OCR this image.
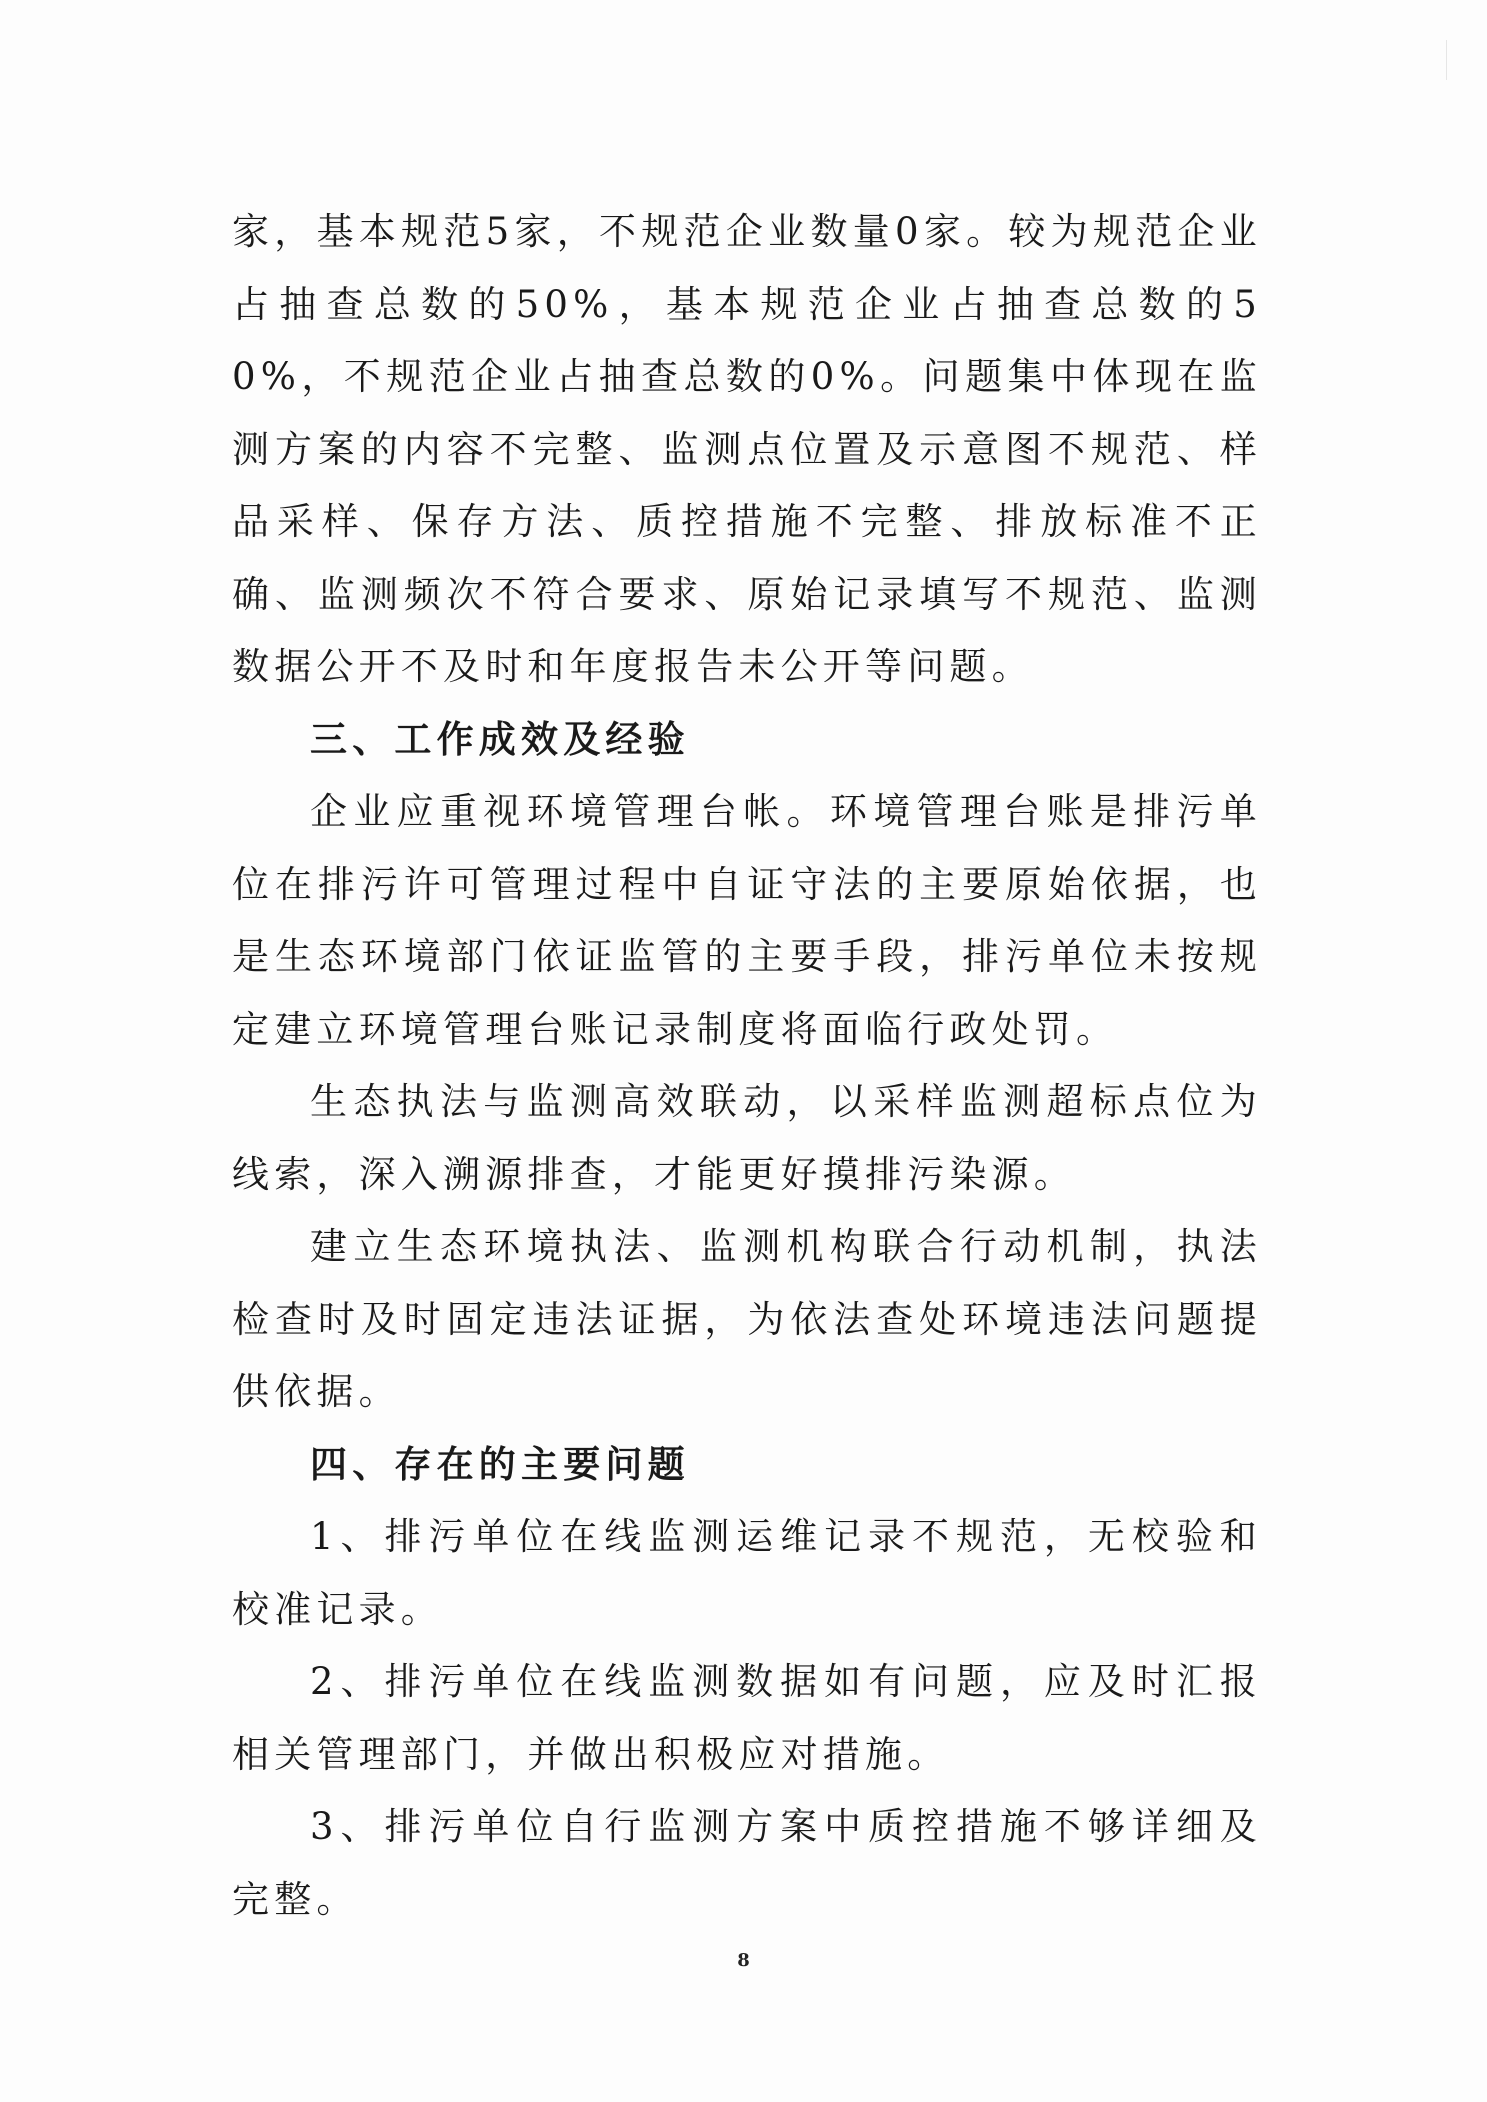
家，基本规范5家，不规范企业数量0家。较为规范企业占抽查总数的50%，基本规范企业占抽查总数的50%，不规范企业占抽查总数的0%。问题集中体现在监测方案的内容不完整、监测点位置及示意图不规范、样品采样、保存方法、质控措施不完整、排放标准不正确、监测频次不符合要求、原始记录填写不规范、监测数据公开不及时和年度报告未公开等问题。

三、工作成效及经验

企业应重视环境管理台帐。环境管理台账是排污单位在排污许可管理过程中自证守法的主要原始依据，也是生态环境部门依证监管的主要手段，排污单位未按规定建立环境管理台账记录制度将面临行政处罚。

生态执法与监测高效联动，以采样监测超标点位为线索，深入溯源排查，才能更好摸排污染源。

建立生态环境执法、监测机构联合行动机制，执法检查时及时固定违法证据，为依法查处环境违法问题提供依据。

四、存在的主要问题

1、排污单位在线监测运维记录不规范，无校验和校准记录。

2、排污单位在线监测数据如有问题，应及时汇报相关管理部门，并做出积极应对措施。

3、排污单位自行监测方案中质控措施不够详细及完整。

8
